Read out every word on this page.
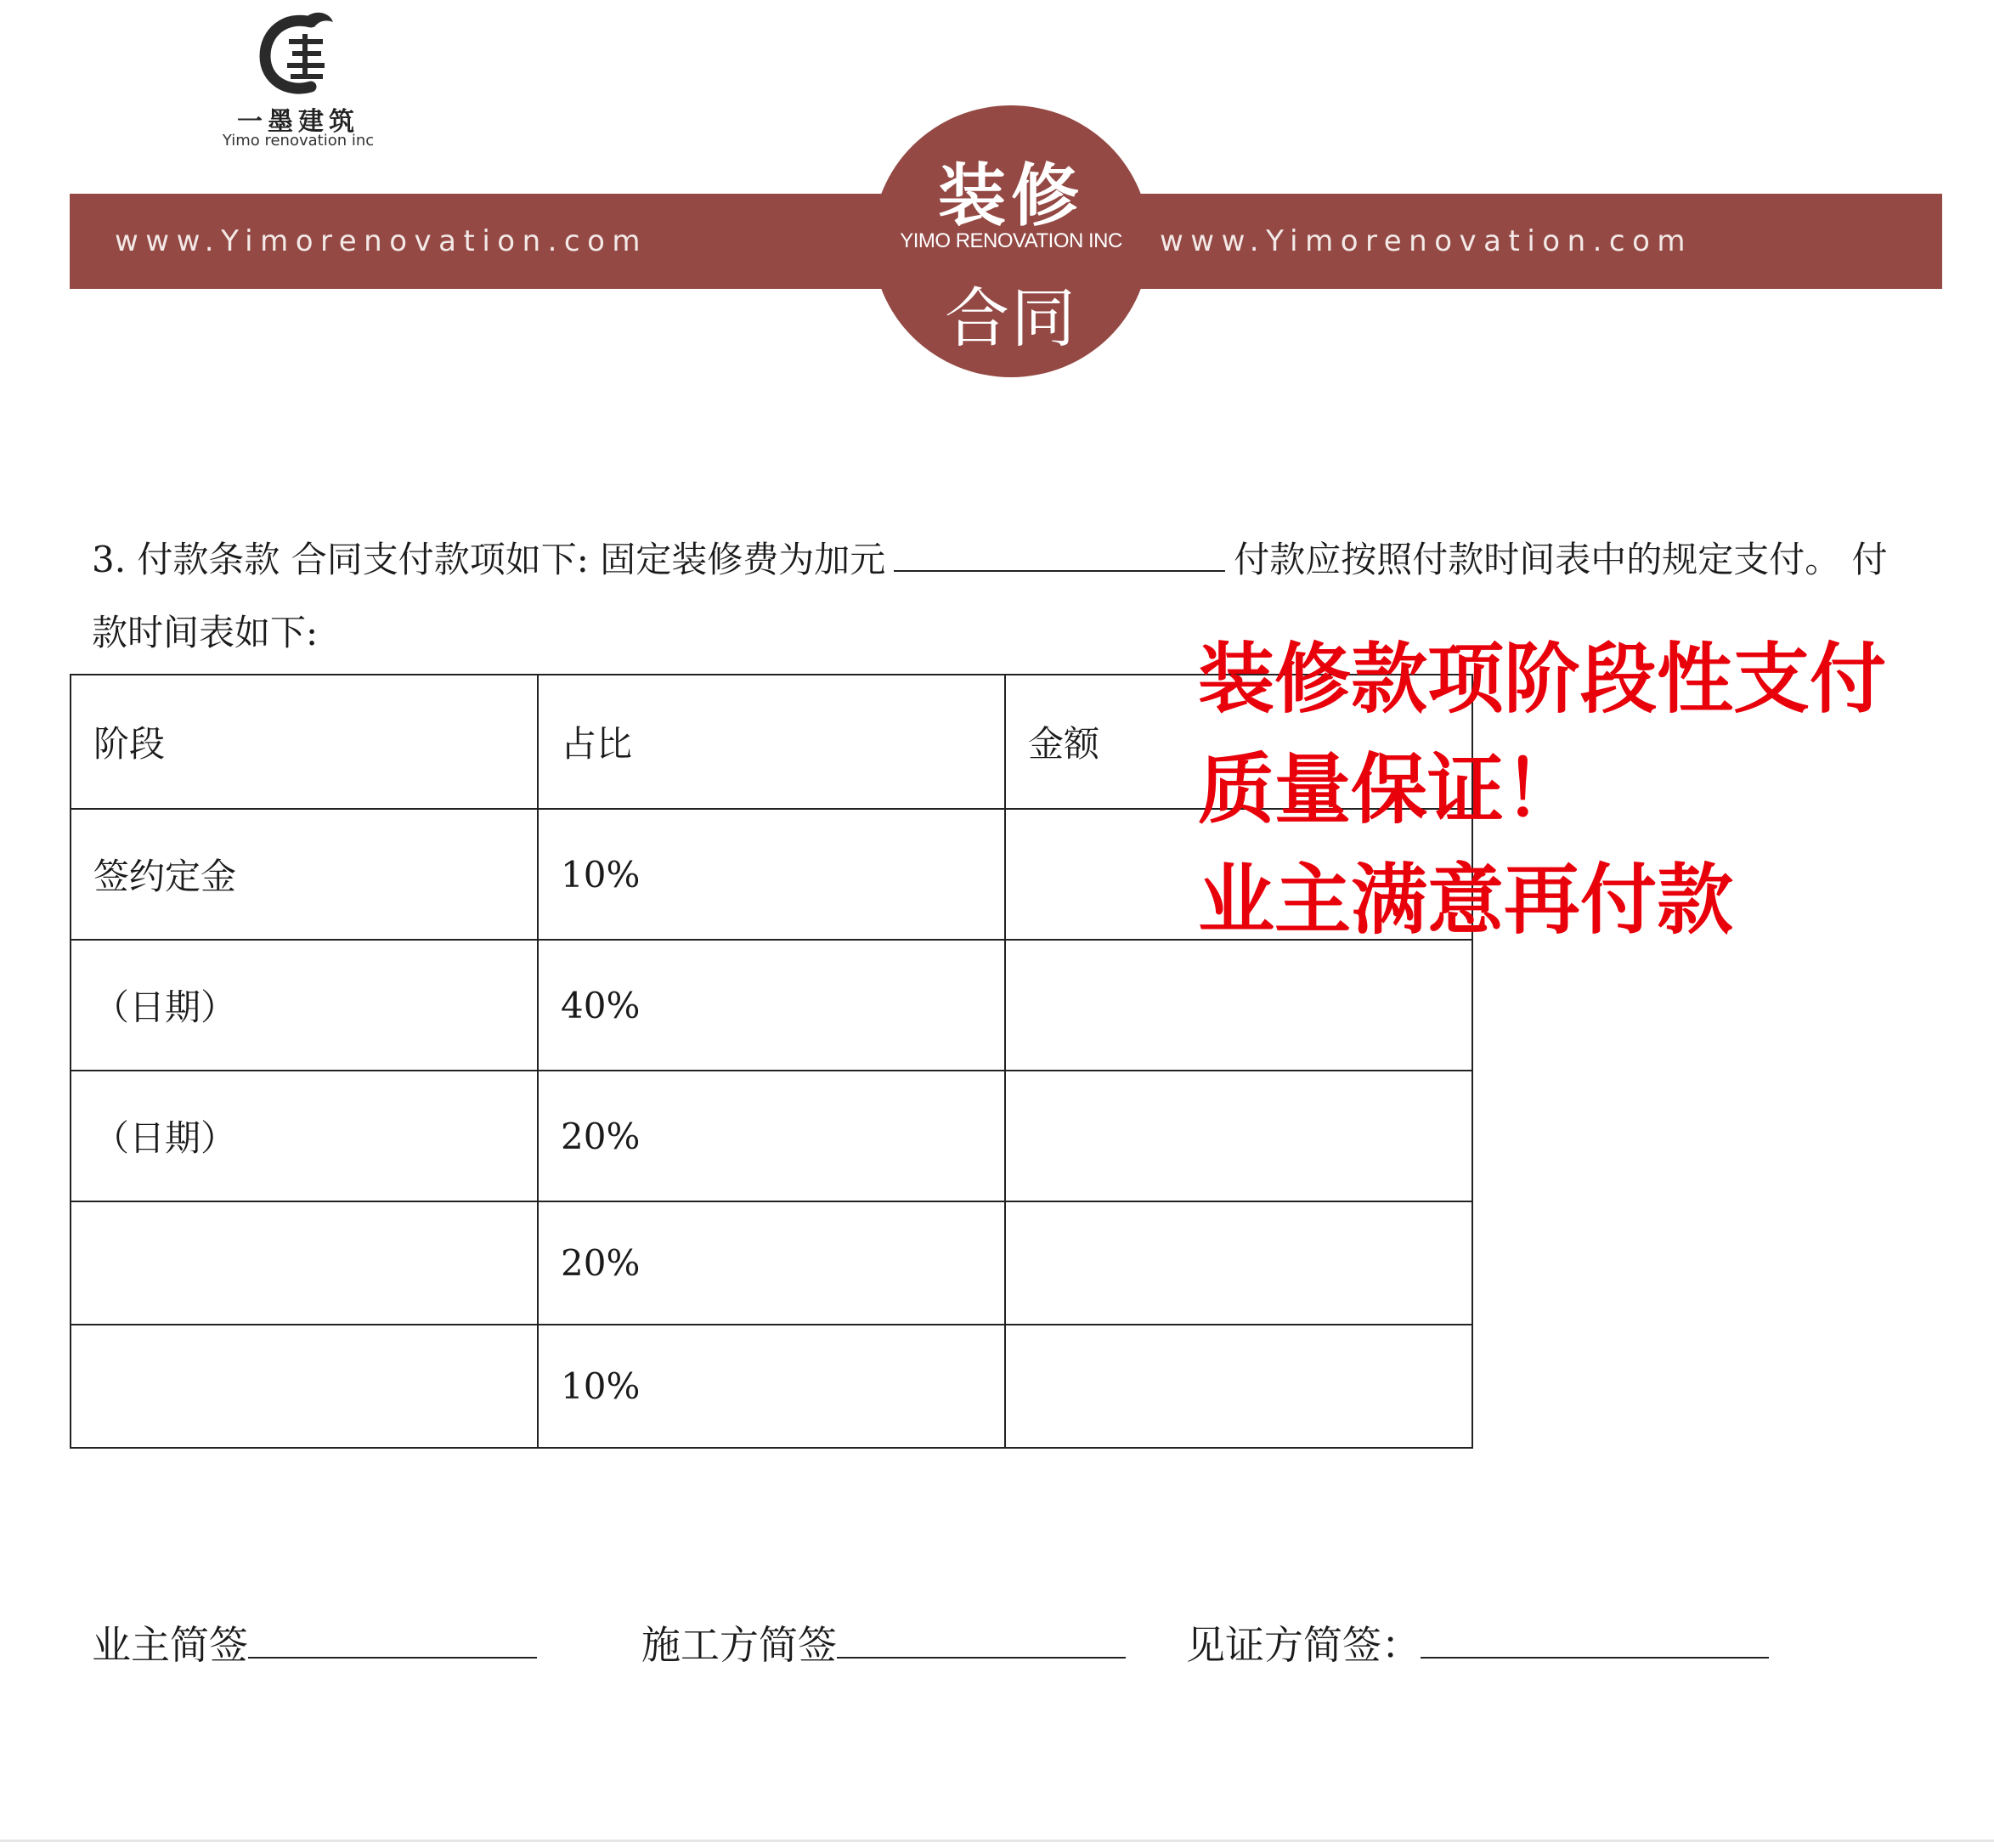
一墨建筑
Yimo renovation inc
www.Yimorenovation.com	www.Yimorenovation.com
装修
YIMO RENOVATION INC
合同
3. 付款条款 合同支付款项如下: 固定装修费为加元	付款应按照付款时间表中的规定支付。 付款时间表如下:
阶段	占比	金额
签约定金	10%	
（日期）	40%	
（日期）	20%	
	20%	
	10%	
装修款项阶段性支付
质量保证！
业主满意再付款
业主简签	施工方简签	见证方简签：
